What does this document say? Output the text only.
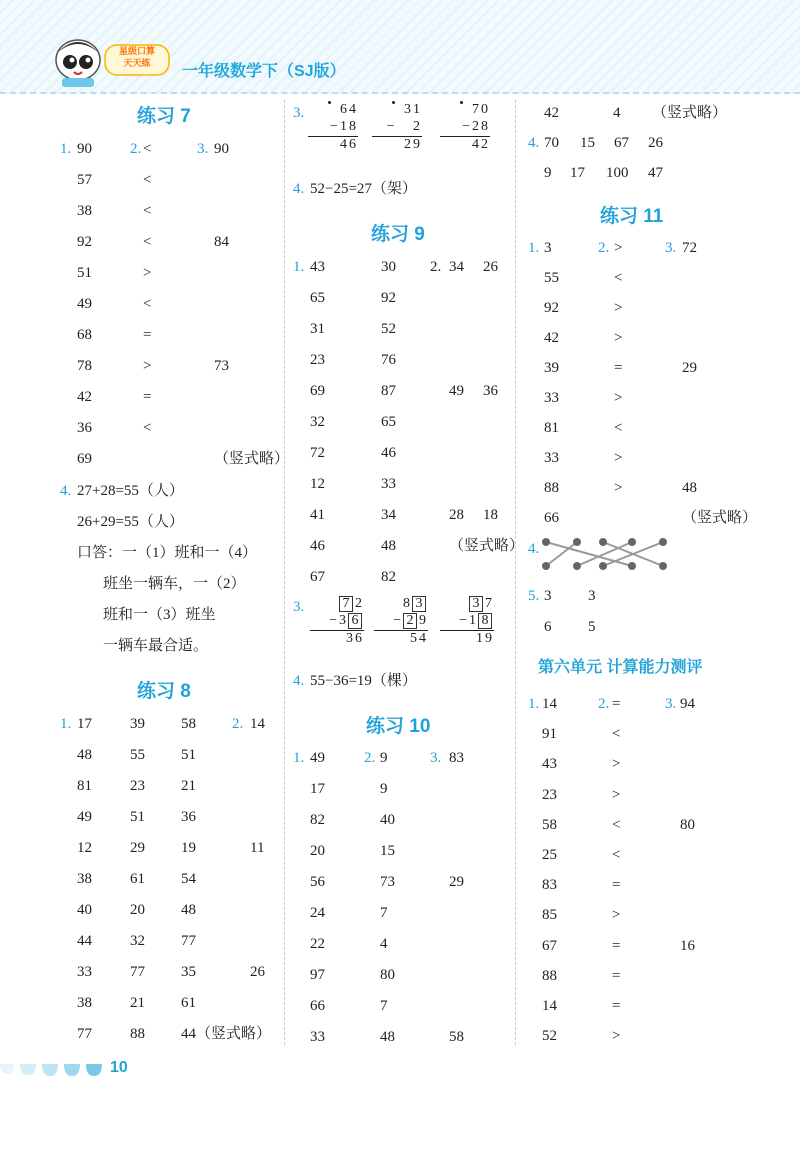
星级口算
天天练	一年级数学下（SJ版）
练习 7
1. 90	2. <	3. 90
57	<
38	<
92	<	84
51	>
49	<
68	=
78	>	73
42	=
36	<
69	（竖式略）
4. 27+28=55（人）
26+29=55（人）
口答：一（1）班和一（4）
班坐一辆车，一（2）
班和一（3）班坐
一辆车最合适。
练习 8
1. 17	39 58 2. 14
48	55 51
81	23 21
49	51 36
12	29 19	11
38	61 54
40	20 48
44	32 77
33	77 35	26
38	21 61
77	88 44（竖式略）
3.	64
−18
46
31
− 2
29
70
−28
42
4. 52−25=27（架）
练习 9
1. 43	30 2. 34 26
65	92
31	52
23	76
69	87	49 36
32	65
72	46
12	33
41	34	28 18
46	48	（竖式略）
67	82
3.	7 2
−3 6
36
8 3
− 2 9
54
3 7
−1 8
19
4. 55−36=19（棵）
练习 10
1. 49	2. 9	3. 83
17	9
82	40
20	15
56	73	29
24	7
22	4
97	80
66	7
33	48	58
42	4 （竖式略）
4. 70 15 67 26
9 17 100 47
练习 11
1. 3	2. >	3. 72
55	<
92	>
42	>
39	=	29
33	>
81	<
33	>
88	>	48
66	（竖式略）
4.
5. 3 3
6 5
第六单元 计算能力测评
1. 14	2. =	3. 94
91	<
43	>
23	>
58	<	80
25	<
83	=
85	>
67	=	16
88	=
14	=
52	>
10
